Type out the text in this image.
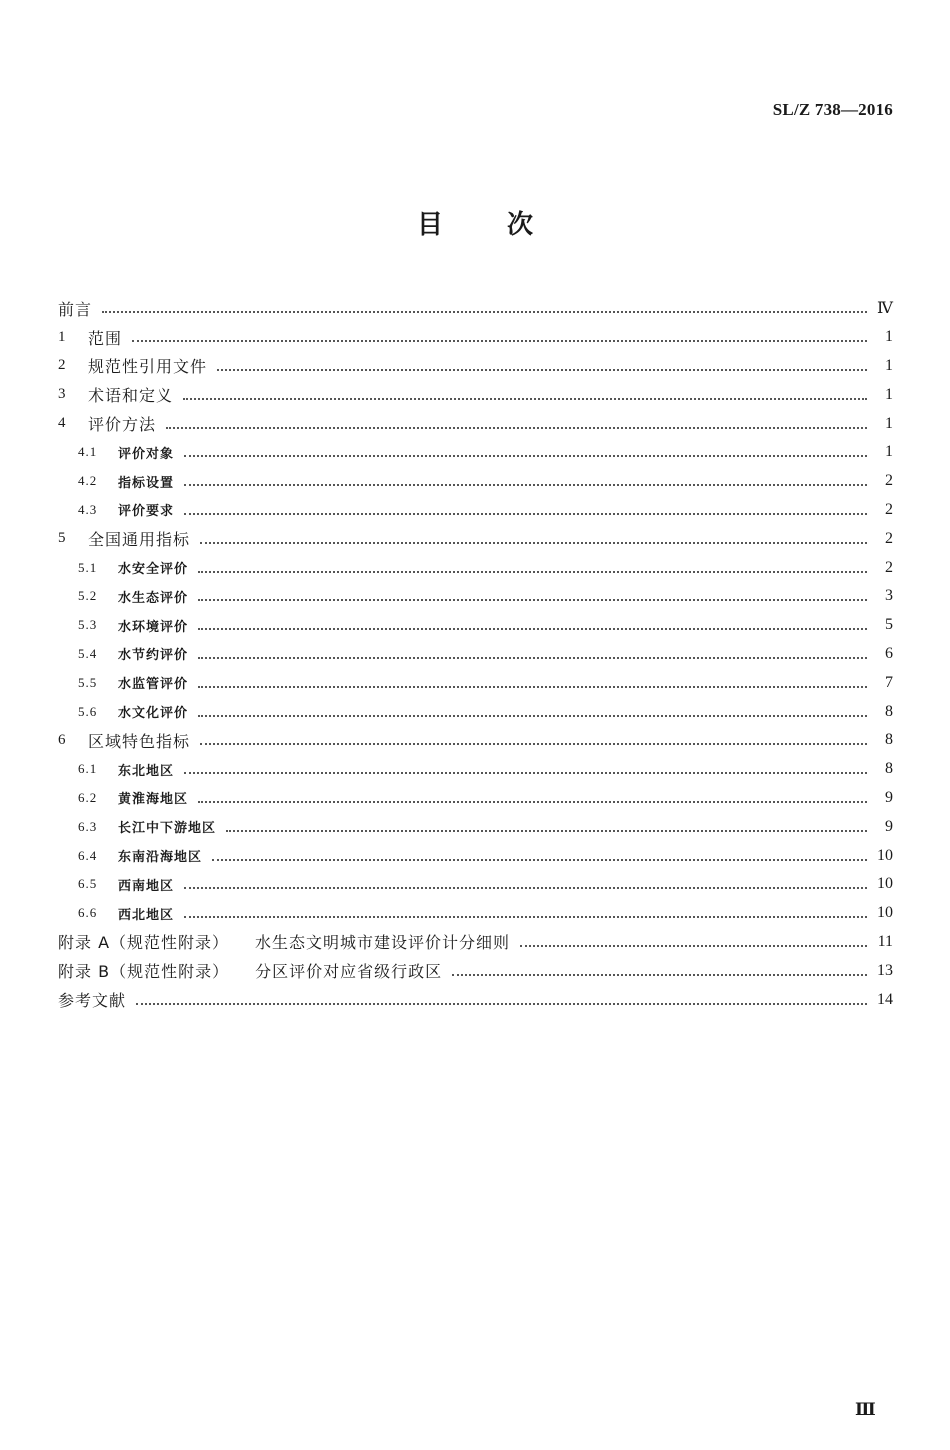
SL/Z 738—2016
目　　次
前言	Ⅳ
1	范围	1
2	规范性引用文件	1
3	术语和定义	1
4	评价方法	1
4.1	评价对象	1
4.2	指标设置	2
4.3	评价要求	2
5	全国通用指标	2
5.1	水安全评价	2
5.2	水生态评价	3
5.3	水环境评价	5
5.4	水节约评价	6
5.5	水监管评价	7
5.6	水文化评价	8
6	区域特色指标	8
6.1	东北地区	8
6.2	黄淮海地区	9
6.3	长江中下游地区	9
6.4	东南沿海地区	10
6.5	西南地区	10
6.6	西北地区	10
附录 A（规范性附录） 水生态文明城市建设评价计分细则	11
附录 B（规范性附录） 分区评价对应省级行政区	13
参考文献	14
Ⅲ
